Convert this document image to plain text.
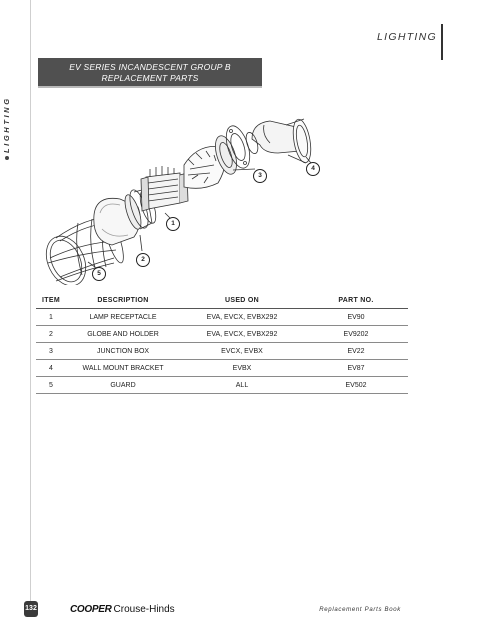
LIGHTING
LIGHTING
EV SERIES INCANDESCENT GROUP B
REPLACEMENT PARTS
1
2
3
4
5
ITEM	DESCRIPTION	USED ON	PART NO.
1	LAMP RECEPTACLE	EVA, EVCX, EVBX292	EV90
2	GLOBE AND HOLDER	EVA, EVCX, EVBX292	EV9202
3	JUNCTION BOX	EVCX, EVBX	EV22
4	WALL MOUNT BRACKET	EVBX	EV87
5	GUARD	ALL	EV502
132	COOPER Crouse-Hinds	Replacement Parts Book
